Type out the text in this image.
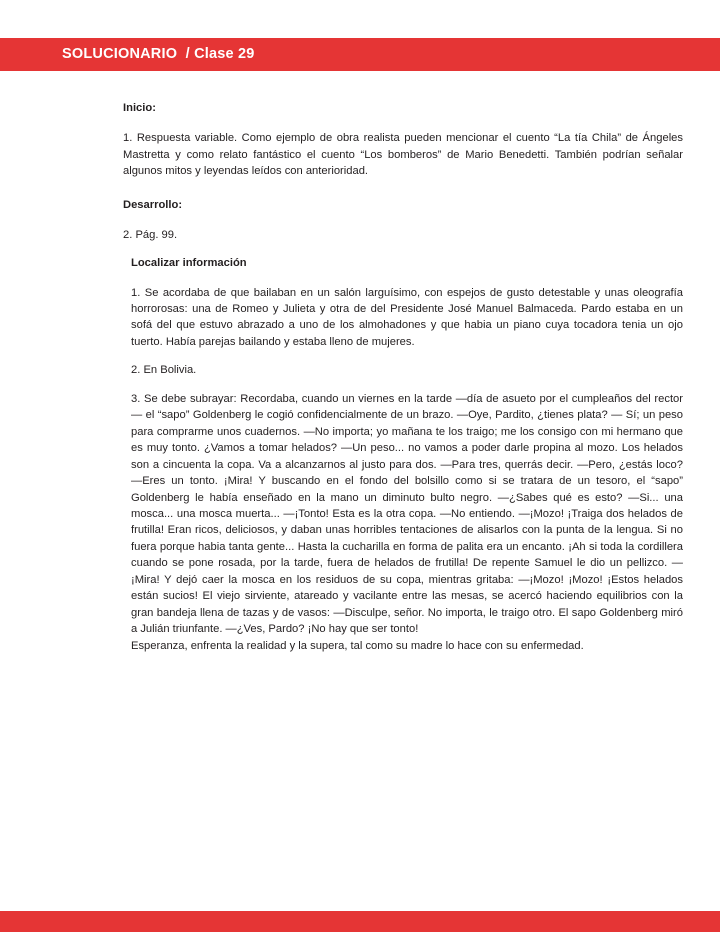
SOLUCIONARIO / Clase 29
Inicio:
1. Respuesta variable. Como ejemplo de obra realista pueden mencionar el cuento “La tía Chila” de Ángeles Mastretta y como relato fantástico el cuento “Los bomberos” de Mario Benedetti. También podrían señalar algunos mitos y leyendas leídos con anterioridad.
Desarrollo:
2. Pág. 99.
Localizar información
1. Se acordaba de que bailaban en un salón larguísimo, con espejos de gusto detestable y unas oleografía horrorosas: una de Romeo y Julieta y otra de del Presidente José Manuel Balmaceda. Pardo estaba en un sofá del que estuvo abrazado a uno de los almohadones y que habia un piano cuya tocadora tenia un ojo tuerto. Había parejas bailando y estaba lleno de mujeres.
2. En Bolivia.
3. Se debe subrayar: Recordaba, cuando un viernes en la tarde —día de asueto por el cumpleaños del rector— el “sapo” Goldenberg le cogió confidencialmente de un brazo. —Oye, Pardito, ¿tienes plata? — Sí; un peso para comprarme unos cuadernos. —No importa; yo mañana te los traigo; me los consigo con mi hermano que es muy tonto. ¿Vamos a tomar helados? —Un peso... no vamos a poder darle propina al mozo. Los helados son a cincuenta la copa. Va a alcanzarnos al justo para dos. —Para tres, querrás decir. —Pero, ¿estás loco? —Eres un tonto. ¡Mira! Y buscando en el fondo del bolsillo como si se tratara de un tesoro, el “sapo” Goldenberg le había enseñado en la mano un diminuto bulto negro. —¿Sabes qué es esto? —Si... una mosca... una mosca muerta... —¡Tonto! Esta es la otra copa. —No entiendo. —¡Mozo! ¡Traiga dos helados de frutilla! Eran ricos, deliciosos, y daban unas horribles tentaciones de alisarlos con la punta de la lengua. Si no fuera porque habia tanta gente... Hasta la cucharilla en forma de palita era un encanto. ¡Ah si toda la cordillera cuando se pone rosada, por la tarde, fuera de helados de frutilla! De repente Samuel le dio un pellizco. —¡Mira! Y dejó caer la mosca en los residuos de su copa, mientras gritaba: —¡Mozo! ¡Mozo! ¡Estos helados están sucios! El viejo sirviente, atareado y vacilante entre las mesas, se acercó haciendo equilibrios con la gran bandeja llena de tazas y de vasos: —Disculpe, señor. No importa, le traigo otro. El sapo Goldenberg miró a Julián triunfante. —¿Ves, Pardo? ¡No hay que ser tonto!
Esperanza, enfrenta la realidad y la supera, tal como su madre lo hace con su enfermedad.
